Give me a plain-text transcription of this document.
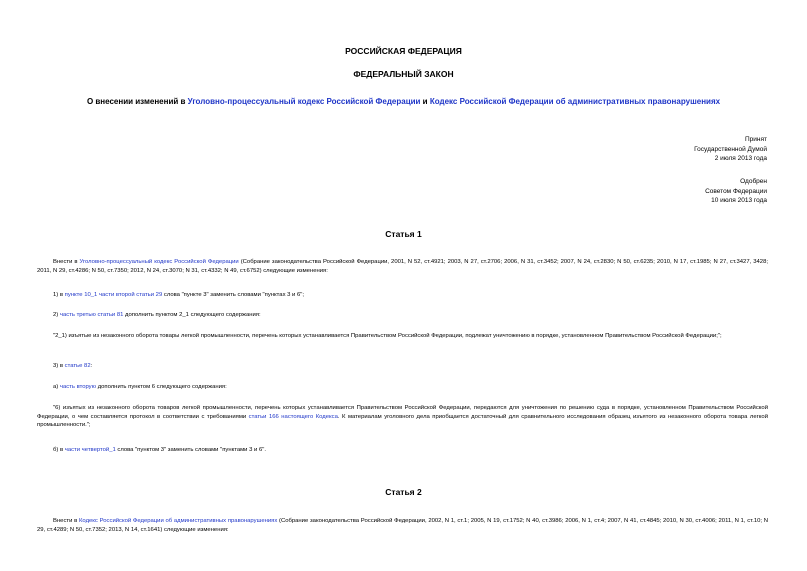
РОССИЙСКАЯ ФЕДЕРАЦИЯ
ФЕДЕРАЛЬНЫЙ ЗАКОН
О внесении изменений в Уголовно-процессуальный кодекс Российской Федерации и Кодекс Российской Федерации об административных правонарушениях
Принят
Государственной Думой
2 июля 2013 года
Одобрен
Советом Федерации
10 июля 2013 года
Статья 1
Внести в Уголовно-процессуальный кодекс Российской Федерации (Собрание законодательства Российской Федерации, 2001, N 52, ст.4921; 2003, N 27, ст.2706; 2006, N 31, ст.3452; 2007, N 24, ст.2830; N 50, ст.6235; 2010, N 17, ст.1985; N 27, ст.3427, 3428; 2011, N 29, ст.4286; N 50, ст.7350; 2012, N 24, ст.3070; N 31, ст.4332; N 49, ст.6752) следующие изменения:
1) в пункте 10_1 части второй статьи 29 слова "пункте 3" заменить словами "пунктах 3 и 6";
2) часть третью статьи 81 дополнить пунктом 2_1 следующего содержания:
"2_1) изъятые из незаконного оборота товары легкой промышленности, перечень которых устанавливается Правительством Российской Федерации, подлежат уничтожению в порядке, установленном Правительством Российской Федерации;";
3) в статье 82:
а) часть вторую дополнить пунктом 6 следующего содержания:
"6) изъятых из незаконного оборота товаров легкой промышленности, перечень которых устанавливается Правительством Российской Федерации, передаются для уничтожения по решению суда в порядке, установленном Правительством Российской Федерации, о чем составляется протокол в соответствии с требованиями статьи 166 настоящего Кодекса. К материалам уголовного дела приобщается достаточный для сравнительного исследования образец изъятого из незаконного оборота товара легкой промышленности.";
б) в части четвертой_1 слова "пунктом 3" заменить словами "пунктами 3 и 6".
Статья 2
Внести в Кодекс Российской Федерации об административных правонарушениях (Собрание законодательства Российской Федерации, 2002, N 1, ст.1; 2005, N 19, ст.1752; N 40, ст.3986; 2006, N 1, ст.4; 2007, N 41, ст.4845; 2010, N 30, ст.4006; 2011, N 1, ст.10; N 29, ст.4289; N 50, ст.7352; 2013, N 14, ст.1641) следующие изменения:
